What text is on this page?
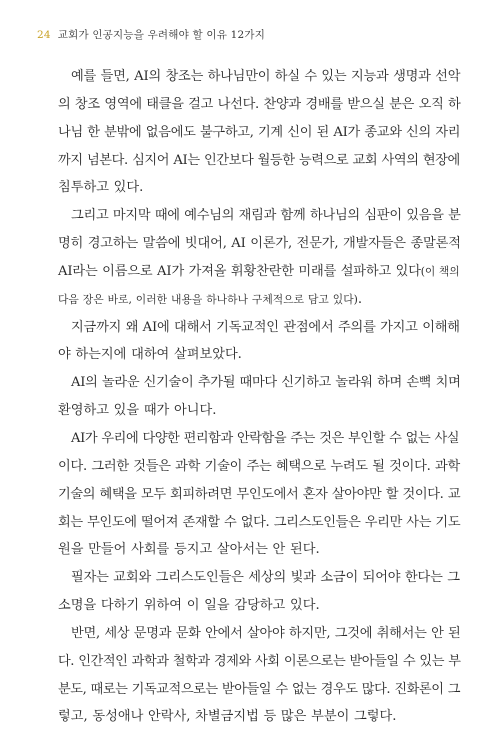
24 교회가 인공지능을 우려해야 할 이유 12가지
예를 들면, AI의 창조는 하나님만이 하실 수 있는 지능과 생명과 선악
의 창조 영역에 태클을 걸고 나선다. 찬양과 경배를 받으실 분은 오직 하
나님 한 분밖에 없음에도 불구하고, 기계 신이 된 AI가 종교와 신의 자리
까지 넘본다. 심지어 AI는 인간보다 월등한 능력으로 교회 사역의 현장에
침투하고 있다.
그리고 마지막 때에 예수님의 재림과 함께 하나님의 심판이 있음을 분
명히 경고하는 말씀에 빗대어, AI 이론가, 전문가, 개발자들은 종말론적
AI라는 이름으로 AI가 가져올 휘황찬란한 미래를 설파하고 있다(이 책의
다음 장은 바로, 이러한 내용을 하나하나 구체적으로 담고 있다).
지금까지 왜 AI에 대해서 기독교적인 관점에서 주의를 가지고 이해해
야 하는지에 대하여 살펴보았다.
AI의 놀라운 신기술이 추가될 때마다 신기하고 놀라워 하며 손뼉 치며
환영하고 있을 때가 아니다.
AI가 우리에 다양한 편리함과 안락함을 주는 것은 부인할 수 없는 사실
이다. 그러한 것들은 과학 기술이 주는 혜택으로 누려도 될 것이다. 과학
기술의 혜택을 모두 회피하려면 무인도에서 혼자 살아야만 할 것이다. 교
회는 무인도에 떨어져 존재할 수 없다. 그리스도인들은 우리만 사는 기도
원을 만들어 사회를 등지고 살아서는 안 된다.
필자는 교회와 그리스도인들은 세상의 빛과 소금이 되어야 한다는 그
소명을 다하기 위하여 이 일을 감당하고 있다.
반면, 세상 문명과 문화 안에서 살아야 하지만, 그것에 취해서는 안 된
다. 인간적인 과학과 철학과 경제와 사회 이론으로는 받아들일 수 있는 부
분도, 때로는 기독교적으로는 받아들일 수 없는 경우도 많다. 진화론이 그
렇고, 동성애나 안락사, 차별금지법 등 많은 부분이 그렇다.
